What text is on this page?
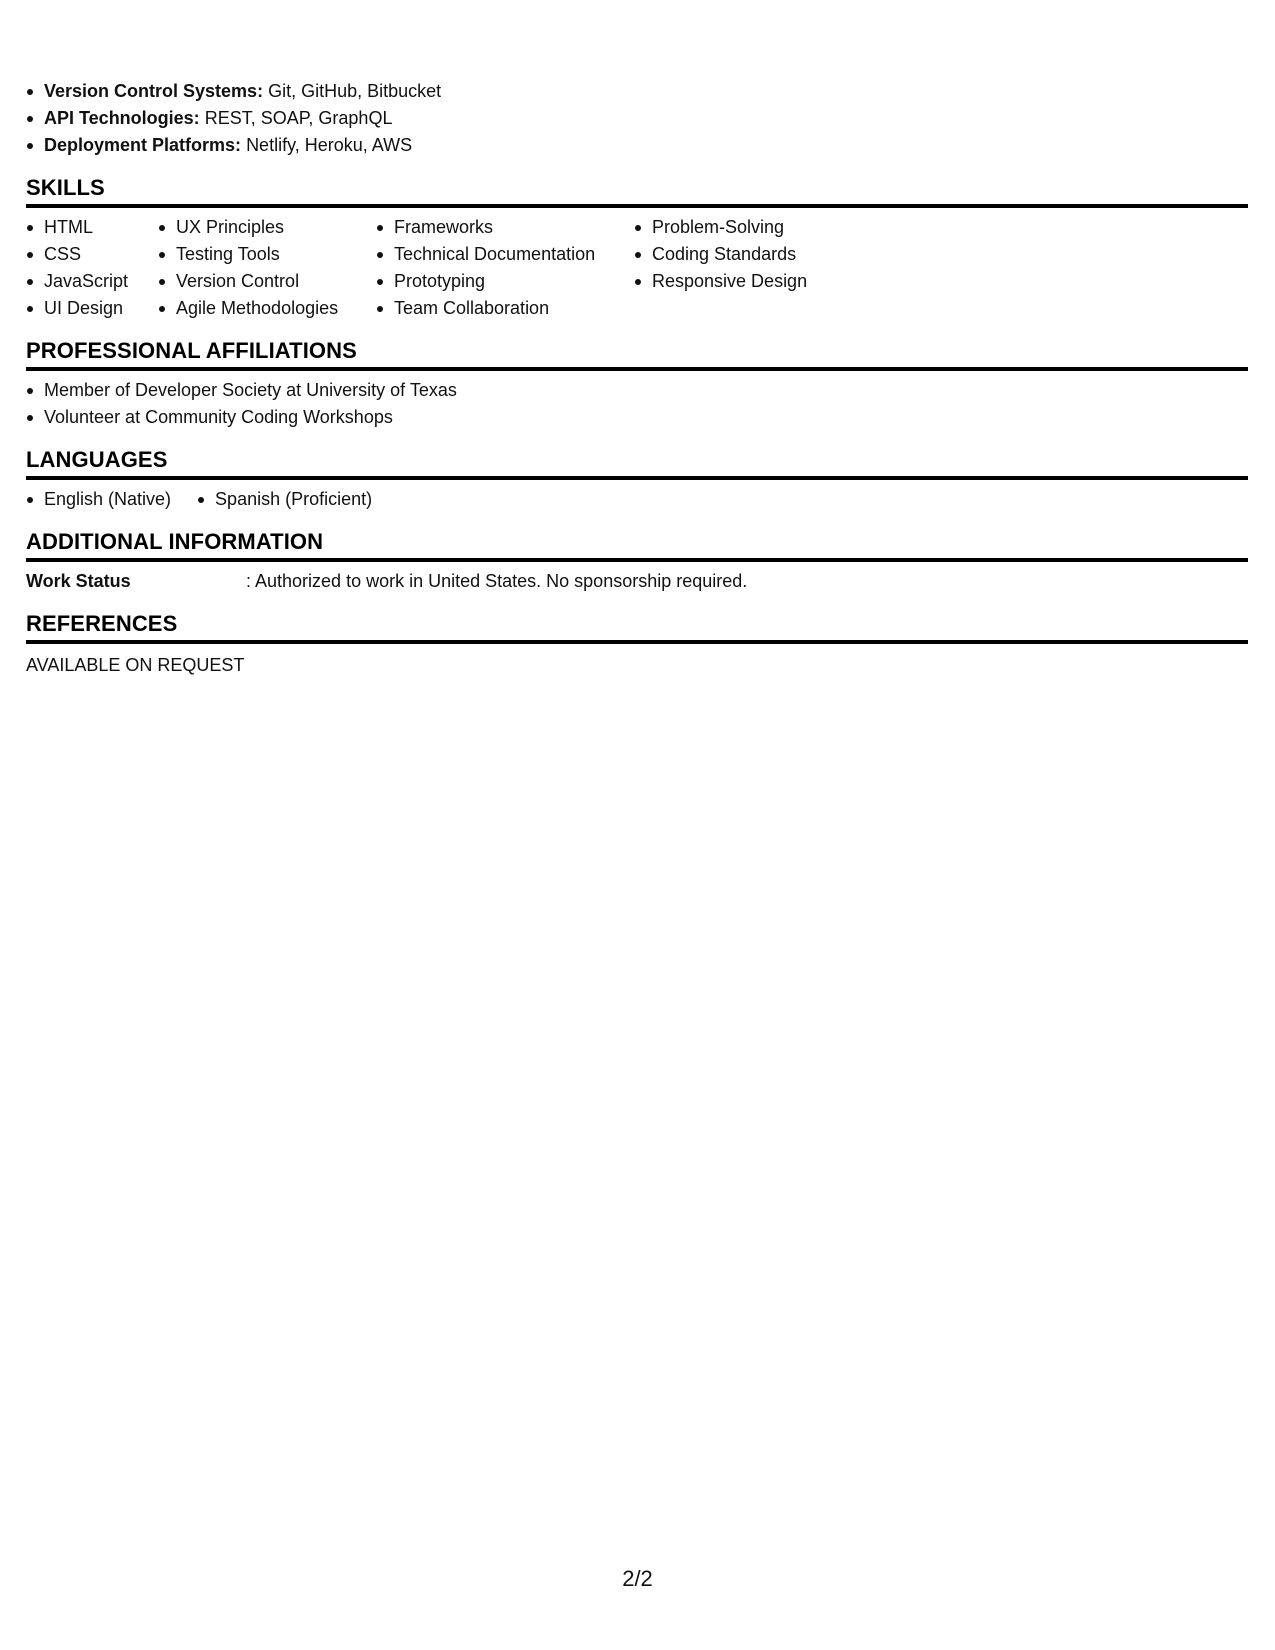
Version Control Systems: Git, GitHub, Bitbucket
API Technologies: REST, SOAP, GraphQL
Deployment Platforms: Netlify, Heroku, AWS
SKILLS
HTML
CSS
JavaScript
UI Design
UX Principles
Testing Tools
Version Control
Agile Methodologies
Frameworks
Technical Documentation
Prototyping
Team Collaboration
Problem-Solving
Coding Standards
Responsive Design
PROFESSIONAL AFFILIATIONS
Member of Developer Society at University of Texas
Volunteer at Community Coding Workshops
LANGUAGES
English (Native)	Spanish (Proficient)
ADDITIONAL INFORMATION
Work Status	: Authorized to work in United States. No sponsorship required.
REFERENCES
AVAILABLE ON REQUEST
2/2
